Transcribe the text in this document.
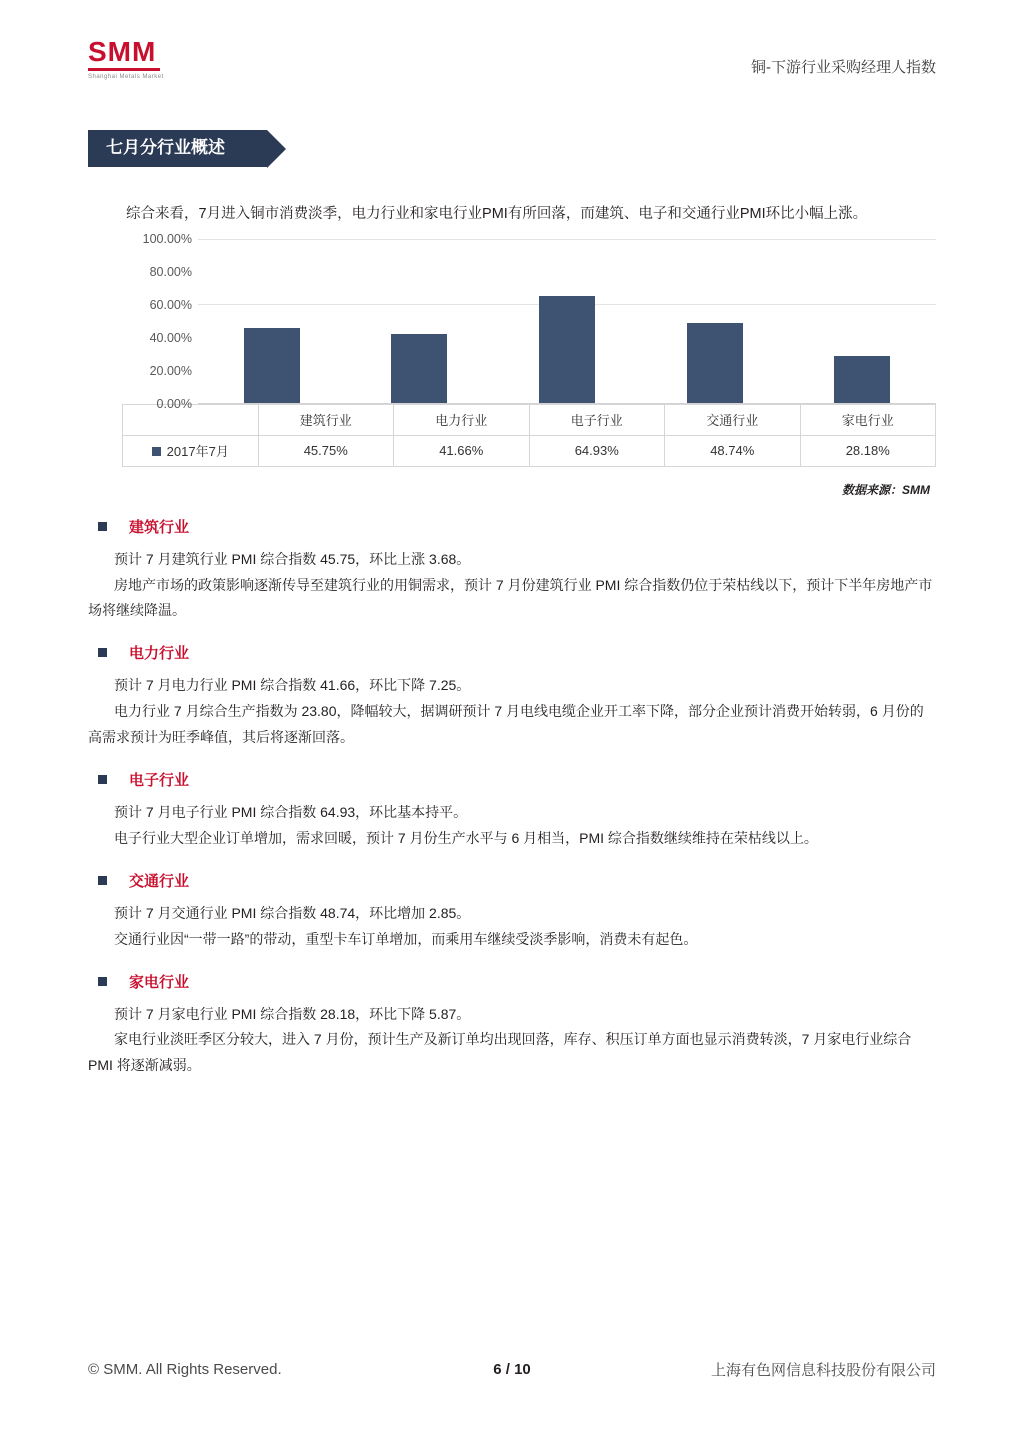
SMM
Shanghai Metals Market
铜-下游行业采购经理人指数
七月分行业概述
综合来看，7月进入铜市消费淡季，电力行业和家电行业PMI有所回落，而建筑、电子和交通行业PMI环比小幅上涨。
100.00%
80.00%
60.00%
40.00%
20.00%
0.00%
	建筑行业	电力行业	电子行业	交通行业	家电行业
2017年7月	45.75%	41.66%	64.93%	48.74%	28.18%
数据来源：SMM
建筑行业

预计 7 月建筑行业 PMI 综合指数 45.75，环比上涨 3.68。

房地产市场的政策影响逐渐传导至建筑行业的用铜需求，预计 7 月份建筑行业 PMI 综合指数仍位于荣枯线以下，预计下半年房地产市场将继续降温。

电力行业

预计 7 月电力行业 PMI 综合指数 41.66，环比下降 7.25。

电力行业 7 月综合生产指数为 23.80，降幅较大，据调研预计 7 月电线电缆企业开工率下降，部分企业预计消费开始转弱，6 月份的高需求预计为旺季峰值，其后将逐渐回落。

电子行业

预计 7 月电子行业 PMI 综合指数 64.93，环比基本持平。

电子行业大型企业订单增加，需求回暖，预计 7 月份生产水平与 6 月相当，PMI 综合指数继续维持在荣枯线以上。

交通行业

预计 7 月交通行业 PMI 综合指数 48.74，环比增加 2.85。

交通行业因“一带一路”的带动，重型卡车订单增加，而乘用车继续受淡季影响，消费未有起色。

家电行业

预计 7 月家电行业 PMI 综合指数 28.18，环比下降 5.87。

家电行业淡旺季区分较大，进入 7 月份，预计生产及新订单均出现回落，库存、积压订单方面也显示消费转淡，7 月家电行业综合 PMI 将逐渐减弱。

© SMM. All Rights Reserved.	6 / 10	上海有色网信息科技股份有限公司
